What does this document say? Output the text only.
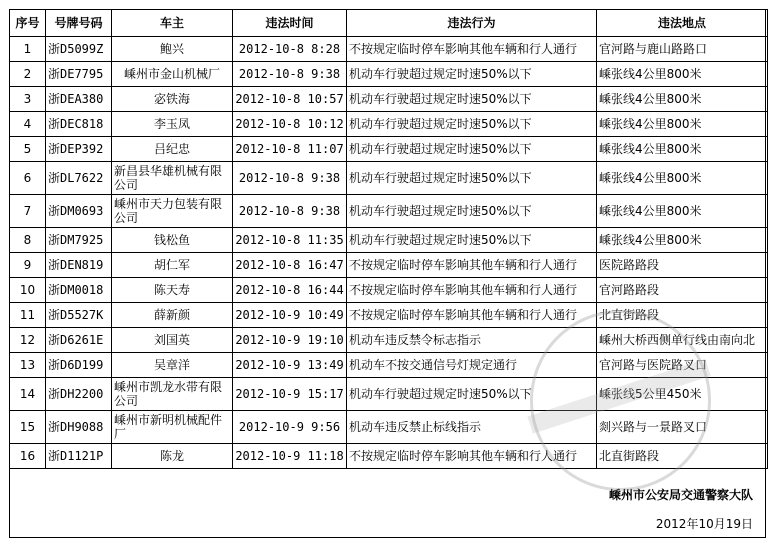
序号	号牌号码	车主	违法时间	违法行为	违法地点
1	浙D5099Z	鲍兴	2012-10-8 8:28	不按规定临时停车影响其他车辆和行人通行	官河路与鹿山路路口
2	浙DE7795	嵊州市金山机械厂	2012-10-8 9:38	机动车行驶超过规定时速50%以下	嵊张线4公里800米
3	浙DEA380	宓铁海	2012-10-8 10:57	机动车行驶超过规定时速50%以下	嵊张线4公里800米
4	浙DEC818	李玉凤	2012-10-8 10:12	机动车行驶超过规定时速50%以下	嵊张线4公里800米
5	浙DEP392	吕纪忠	2012-10-8 11:07	机动车行驶超过规定时速50%以下	嵊张线4公里800米
6	浙DL7622	新昌县华雄机械有限公司	2012-10-8 9:38	机动车行驶超过规定时速50%以下	嵊张线4公里800米
7	浙DM0693	嵊州市天力包装有限公司	2012-10-8 9:38	机动车行驶超过规定时速50%以下	嵊张线4公里800米
8	浙DM7925	钱松鱼	2012-10-8 11:35	机动车行驶超过规定时速50%以下	嵊张线4公里800米
9	浙DEN819	胡仁军	2012-10-8 16:47	不按规定临时停车影响其他车辆和行人通行	医院路路段
10	浙DM0018	陈天寿	2012-10-8 16:44	不按规定临时停车影响其他车辆和行人通行	官河路路段
11	浙D5527K	薛新颜	2012-10-9 10:49	不按规定临时停车影响其他车辆和行人通行	北直街路段
12	浙D6261E	刘国英	2012-10-9 19:10	机动车违反禁令标志指示	嵊州大桥西侧单行线由南向北
13	浙D6D199	吴章洋	2012-10-9 13:49	机动车不按交通信号灯规定通行	官河路与医院路叉口
14	浙DH2200	嵊州市凯龙水带有限公司	2012-10-9 15:17	机动车行驶超过规定时速50%以下	嵊张线5公里450米
15	浙DH9088	嵊州市新明机械配件厂	2012-10-9 9:56	机动车违反禁止标线指示	剡兴路与一景路叉口
16	浙D1121P	陈龙	2012-10-9 11:18	不按规定临时停车影响其他车辆和行人通行	北直街路段
嵊州市公安局交通警察大队
2012年10月19日
